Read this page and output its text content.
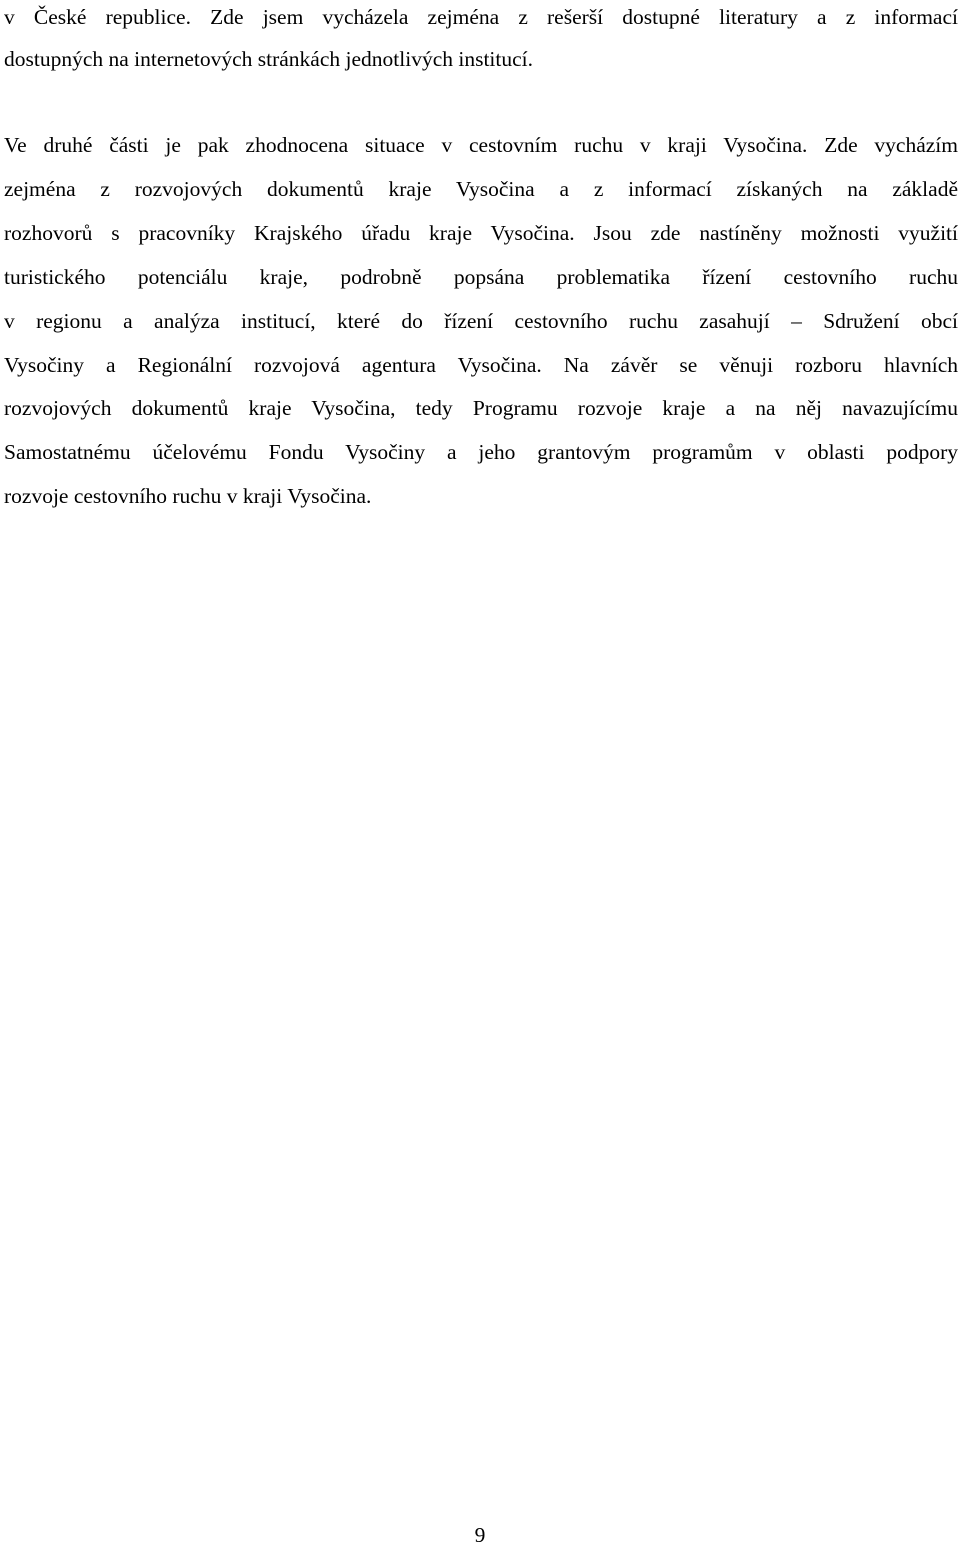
v České republice. Zde jsem vycházela zejména z rešerší dostupné literatury a z informací
dostupných na internetových stránkách jednotlivých institucí.
Ve druhé části je pak zhodnocena situace v cestovním ruchu v kraji Vysočina. Zde vycházím
zejména z rozvojových dokumentů kraje Vysočina a z informací získaných na základě
rozhovorů s pracovníky Krajského úřadu kraje Vysočina. Jsou zde nastíněny možnosti využití
turistického potenciálu kraje, podrobně popsána problematika řízení cestovního ruchu
v regionu a analýza institucí, které do řízení cestovního ruchu zasahují – Sdružení obcí
Vysočiny a Regionální rozvojová agentura Vysočina. Na závěr se věnuji rozboru hlavních
rozvojových dokumentů kraje Vysočina, tedy Programu rozvoje kraje a na něj navazujícímu
Samostatnému účelovému Fondu Vysočiny a jeho grantovým programům v oblasti podpory
rozvoje cestovního ruchu v kraji Vysočina.
9
